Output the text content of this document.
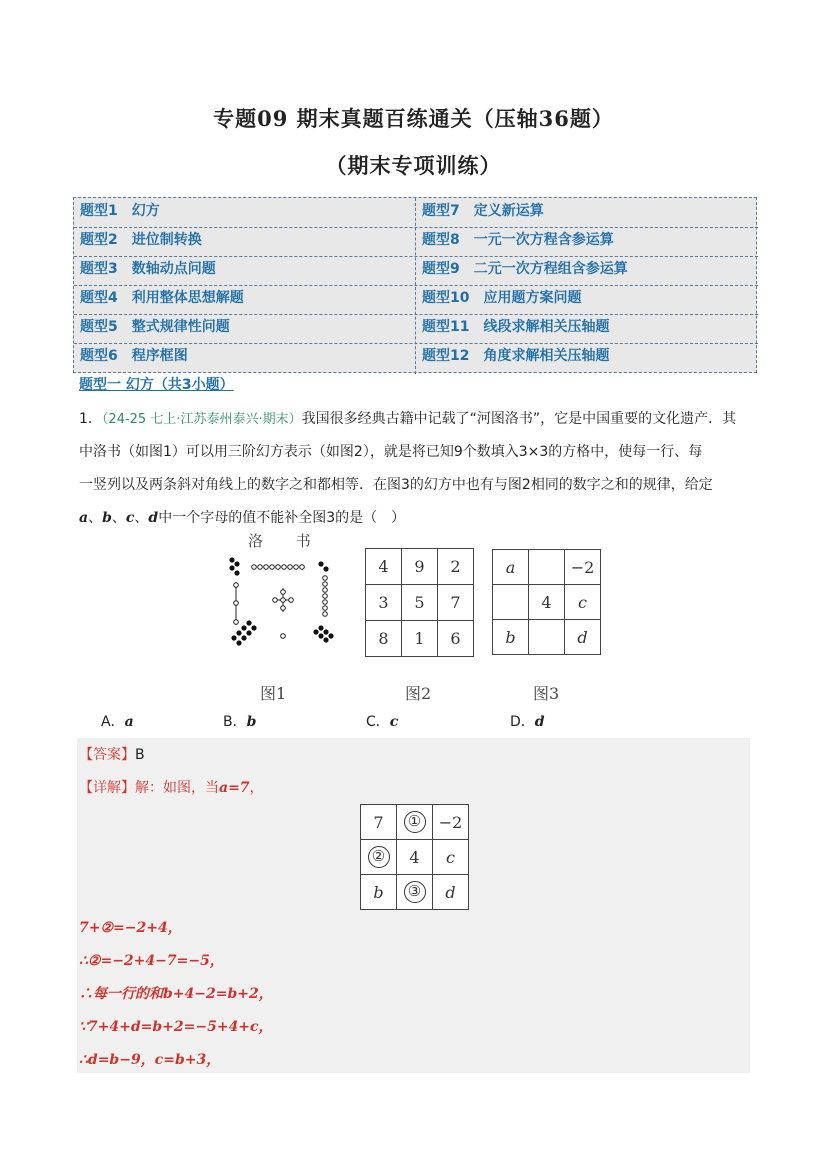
专题09 期末真题百练通关（压轴36题）
（期末专项训练）
题型1　 幻方	题型7　 定义新运算
题型2　 进位制转换	题型8　 一元一次方程含参运算
题型3　 数轴动点问题	题型9　 二元一次方程组含参运算
题型4　 利用整体思想解题	题型10　 应用题方案问题
题型5　 整式规律性问题	题型11　 线段求解相关压轴题
题型6　 程序框图	题型12　 角度求解相关压轴题
题型一 幻方（共3小题）
1．（24-25 七上·江苏泰州泰兴·期末）我国很多经典古籍中记载了“河图洛书”，它是中国重要的文化遗产．其
中洛书（如图1）可以用三阶幻方表示（如图2），就是将已知9个数填入3×3的方格中，使每一行、每
一竖列以及两条斜对角线上的数字之和都相等．在图3的幻方中也有与图2相同的数字之和的规律，给定
a、b、c、d中一个字母的值不能补全图3的是（　）
洛 书
4	9	2
3	5	7
8	1	6
a		−2
	4	c
b		d
图1	图2	图3
A．a	B．b	C．c	D．d
【答案】B
【详解】解：如图，当a=7，
7	①	−2
②	4	c
b	③	d
7+②=−2+4，
∴②=−2+4−7=−5，
∴每一行的和b+4−2=b+2，
∵7+4+d=b+2=−5+4+c，
∴d=b−9，c=b+3，
